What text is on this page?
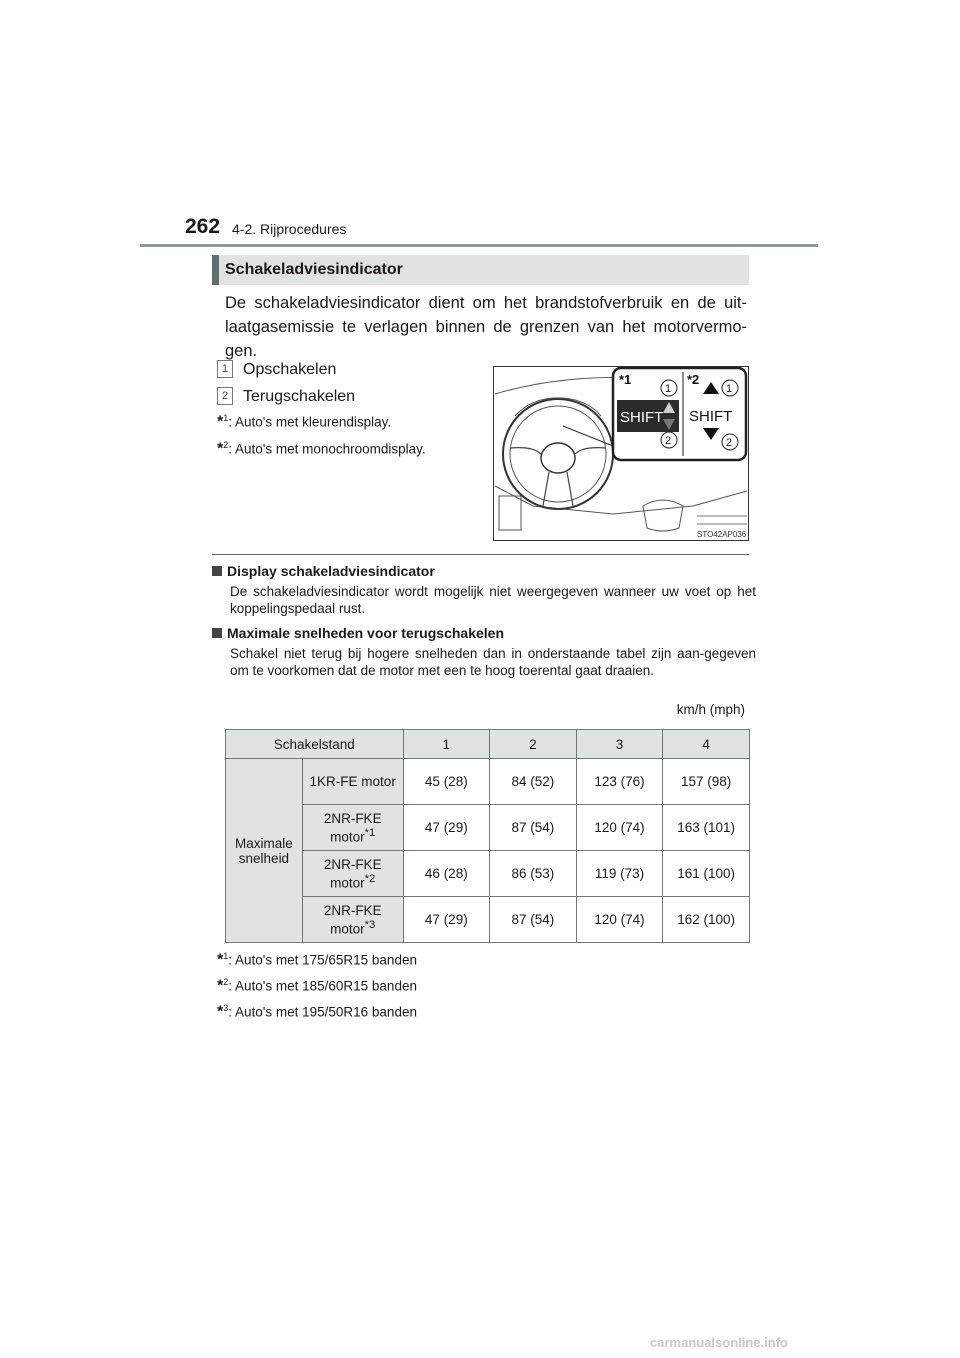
262 4-2. Rijprocedures
Schakeladviesindicator
De schakeladviesindicator dient om het brandstofverbruik en de uit-laatgasemissie te verlagen binnen de grenzen van het motorvermo-gen.
1 Opschakelen
2 Terugschakelen
*$^1$: Auto's met kleurendisplay.
*$^2$: Auto's met monochroomdisplay.
*1	*2
SHIFT
1
2
SHIFT
1
2
STO42AP036
Display schakeladviesindicator
De schakeladviesindicator wordt mogelijk niet weergegeven wanneer uw voet op het koppelingspedaal rust.
Maximale snelheden voor terugschakelen
Schakel niet terug bij hogere snelheden dan in onderstaande tabel zijn aan-gegeven om te voorkomen dat de motor met een te hoog toerental gaat draaien.
km/h (mph)
Schakelstand		1	2	3	4
Maximale snelheid	1KR-FE motor	45 (28)	84 (52)	123 (76)	157 (98)
	2NR-FKE motor$^{*1}$	47 (29)	87 (54)	120 (74)	163 (101)
	2NR-FKE motor$^{*2}$	46 (28)	86 (53)	119 (73)	161 (100)
	2NR-FKE motor$^{*3}$	47 (29)	87 (54)	120 (74)	162 (100)
*$^1$: Auto's met 175/65R15 banden
*$^2$: Auto's met 185/60R15 banden
*$^3$: Auto's met 195/50R16 banden
carmanualsonline.info
